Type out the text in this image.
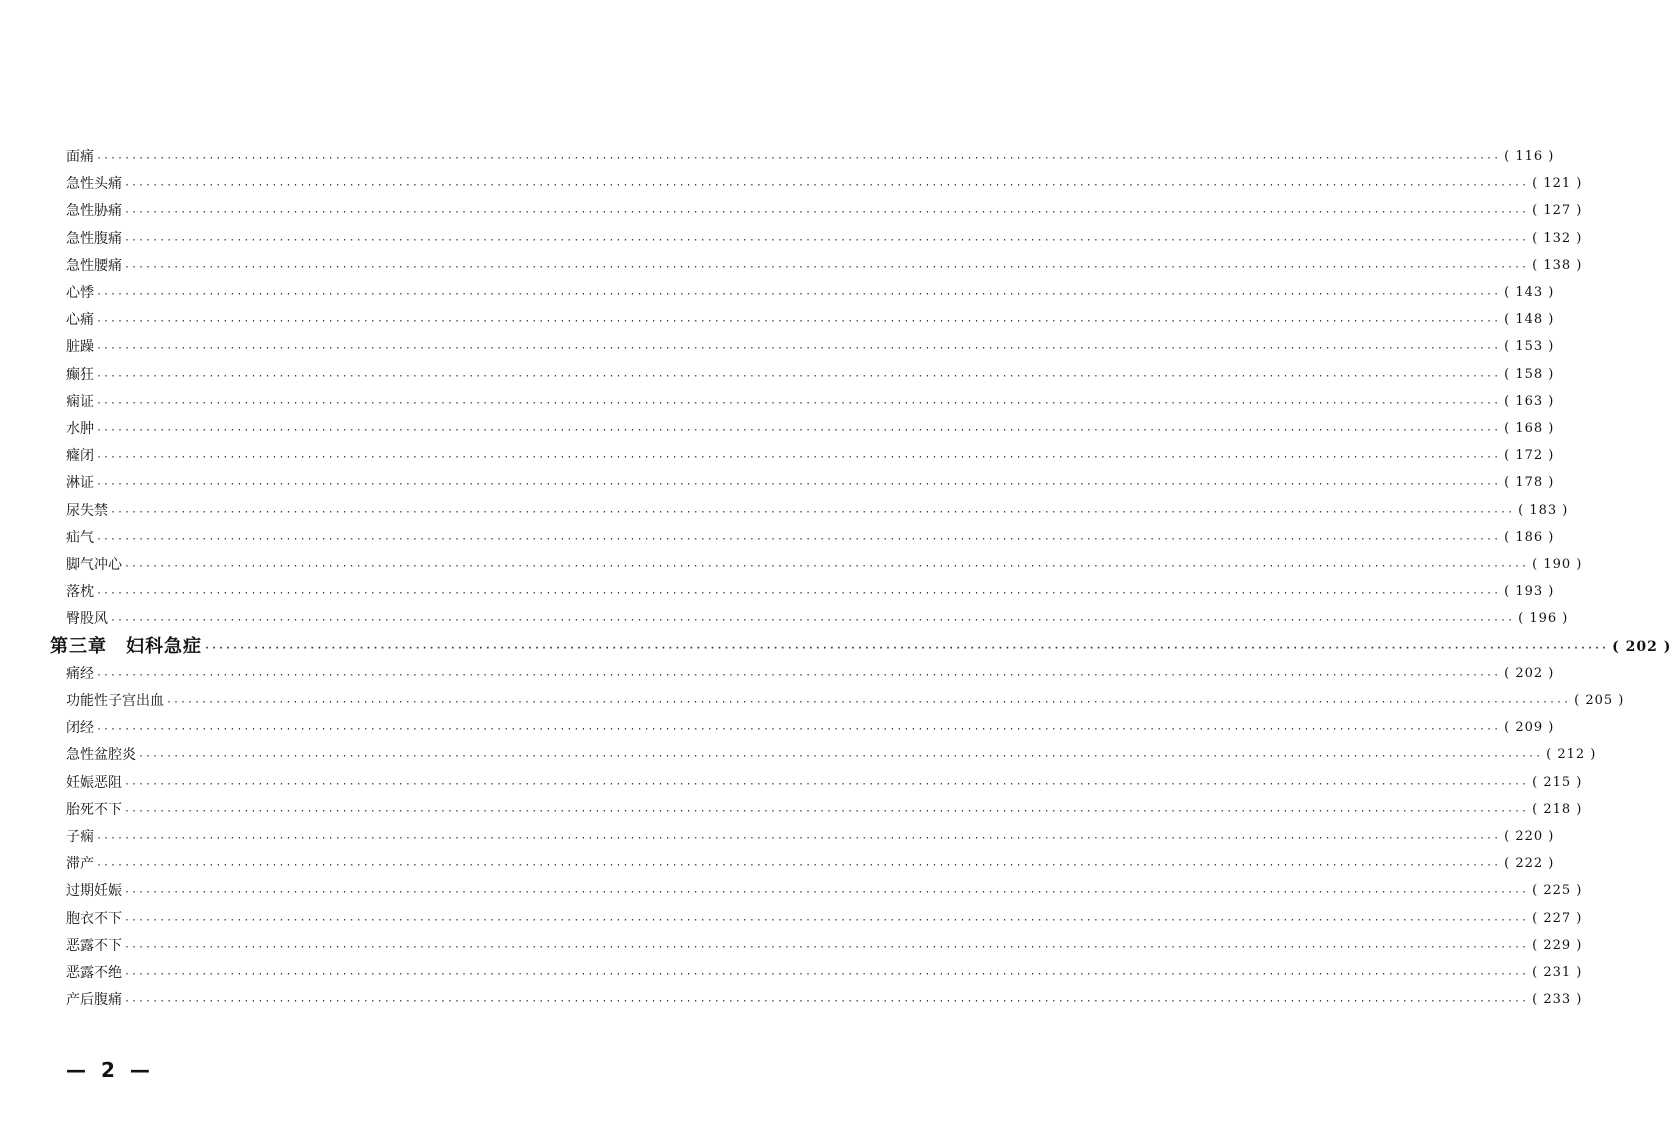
面痛 ········································································································································································································ ( 116 )
急性头痛 ········································································································································································································ ( 121 )
急性胁痛 ········································································································································································································ ( 127 )
急性腹痛 ········································································································································································································ ( 132 )
急性腰痛 ········································································································································································································ ( 138 )
心悸 ········································································································································································································ ( 143 )
心痛 ········································································································································································································ ( 148 )
脏躁 ········································································································································································································ ( 153 )
癫狂 ········································································································································································································ ( 158 )
痫证 ········································································································································································································ ( 163 )
水肿 ········································································································································································································ ( 168 )
癃闭 ········································································································································································································ ( 172 )
淋证 ········································································································································································································ ( 178 )
尿失禁 ········································································································································································································ ( 183 )
疝气 ········································································································································································································ ( 186 )
脚气冲心 ········································································································································································································ ( 190 )
落枕 ········································································································································································································ ( 193 )
臀股风 ········································································································································································································ ( 196 )
第三章　妇科急症 ········································································································································································································ ( 202 )
痛经 ········································································································································································································ ( 202 )
功能性子宫出血 ········································································································································································································ ( 205 )
闭经 ········································································································································································································ ( 209 )
急性盆腔炎 ········································································································································································································ ( 212 )
妊娠恶阻 ········································································································································································································ ( 215 )
胎死不下 ········································································································································································································ ( 218 )
子痫 ········································································································································································································ ( 220 )
滞产 ········································································································································································································ ( 222 )
过期妊娠 ········································································································································································································ ( 225 )
胞衣不下 ········································································································································································································ ( 227 )
恶露不下 ········································································································································································································ ( 229 )
恶露不绝 ········································································································································································································ ( 231 )
产后腹痛 ········································································································································································································ ( 233 )
— 2 —
